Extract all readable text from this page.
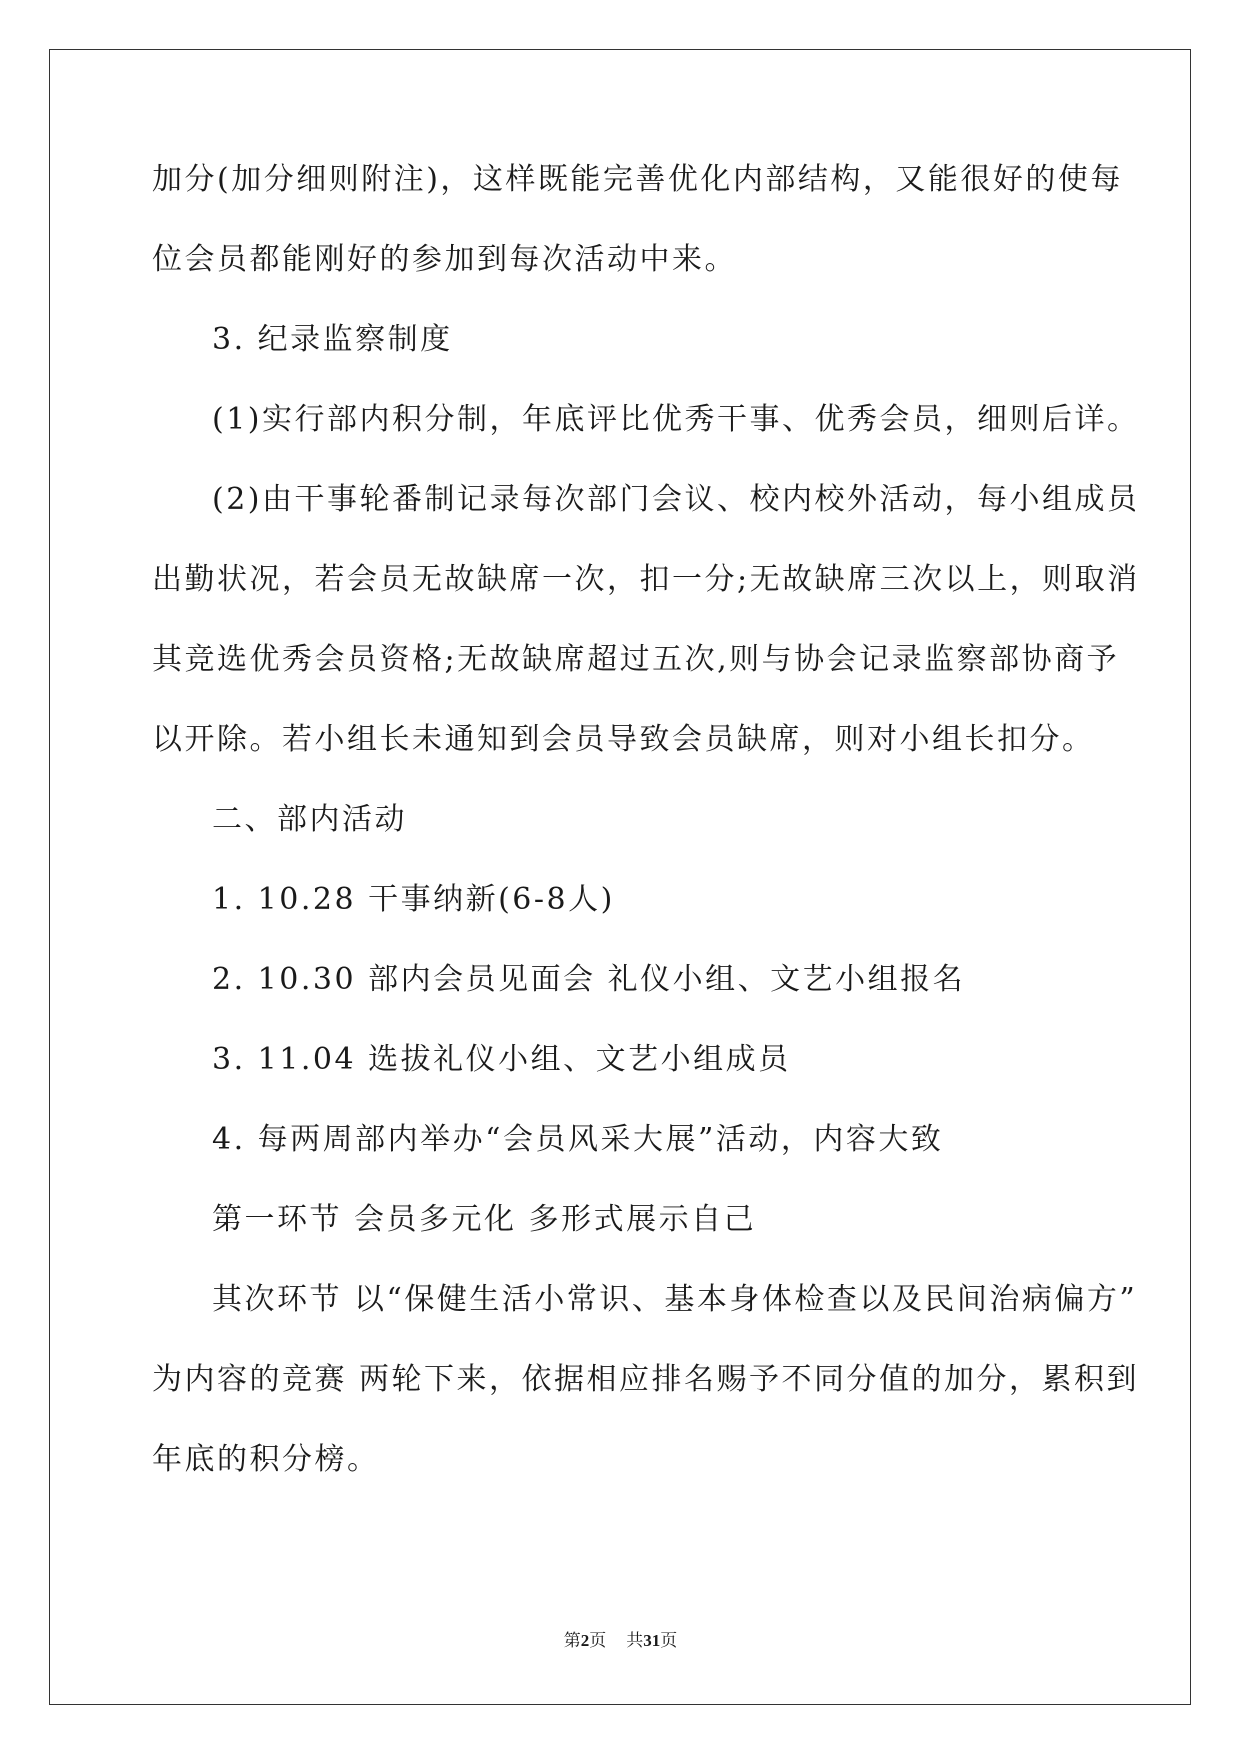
加分(加分细则附注)，这样既能完善优化内部结构，又能很好的使每
位会员都能刚好的参加到每次活动中来。
3. 纪录监察制度
(1)实行部内积分制，年底评比优秀干事、优秀会员，细则后详。
(2)由干事轮番制记录每次部门会议、校内校外活动，每小组成员
出勤状况，若会员无故缺席一次，扣一分;无故缺席三次以上，则取消
其竞选优秀会员资格;无故缺席超过五次,则与协会记录监察部协商予
以开除。若小组长未通知到会员导致会员缺席，则对小组长扣分。
二、部内活动
1. 10.28 干事纳新(6-8人)
2. 10.30 部内会员见面会 礼仪小组、文艺小组报名
3. 11.04 选拔礼仪小组、文艺小组成员
4. 每两周部内举办“会员风采大展”活动，内容大致
第一环节 会员多元化 多形式展示自己
其次环节 以“保健生活小常识、基本身体检查以及民间治病偏方”
为内容的竞赛 两轮下来，依据相应排名赐予不同分值的加分，累积到
年底的积分榜。
第2页 共31页
